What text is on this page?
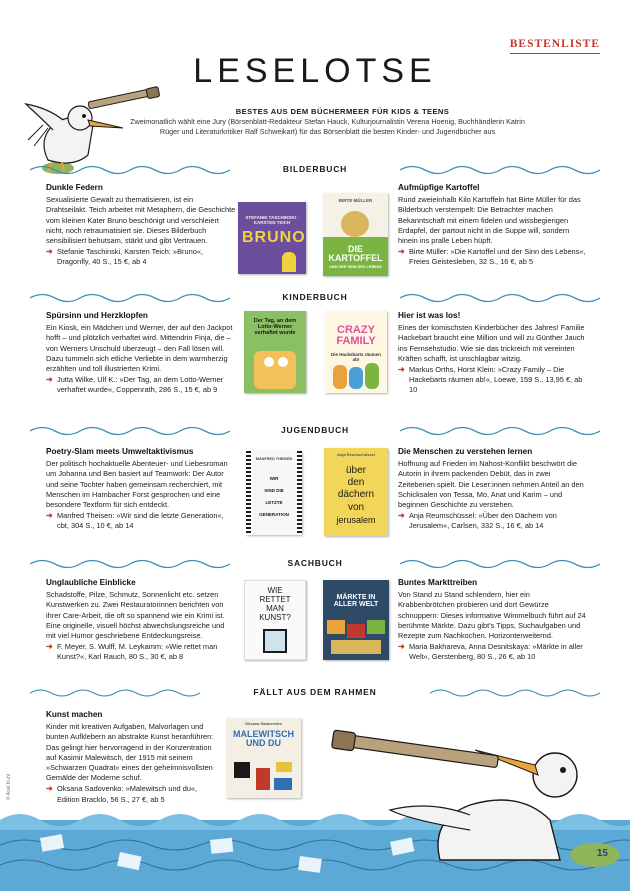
BESTENLISTE
LESELOTSE
BESTES AUS DEM BÜCHERMEER FÜR KIDS & TEENS
Zweimonatlich wählt eine Jury (Börsenblatt-Redakteur Stefan Hauck, Kulturjournalistin Verena Hoenig, Buchhändlerin Katrin Rüger und Literaturkritiker Ralf Schweikart) für das Börsenblatt die besten Kinder- und Jugendbücher aus
BILDERBUCH
Dunkle Federn

Sexualisierte Gewalt zu thematisieren, ist ein Drahtseilakt. Teich arbeitet mit Metaphern, die Geschichte vom kleinen Kater Bruno beschönigt und verschleiert nicht, noch retraumatisiert sie. Dieses Bilderbuch sensibilisiert behutsam, stärkt und gibt Vertrauen.

➜ Stefanie Taschinski, Karsten Teich: »Bruno«, Dragonfly, 40 S., 15 €, ab 4
STEFANIE TASCHINSKI · KARSTEN TEICH
BRUNO
BIRTE MÜLLER
DIE KARTOFFEL
UND DER SINN DES LEBENS
Aufmüpfige Kartoffel

Rund zweieinhalb Kilo Kartoffeln hat Birte Müller für das Bilderbuch verstempelt: Die Betrachter machen Bekanntschaft mit einem fidelen und wissbegierigen Erdapfel, der partout nicht in die Suppe will, sondern hinein ins pralle Leben hüpft.

➜ Birte Müller: »Die Kartoffel und der Sinn des Lebens«, Freies Geistesleben, 32 S., 16 €, ab 5
KINDERBUCH
Spürsinn und Herzklopfen

Ein Kiosk, ein Mädchen und Werner, der auf den Jackpot hofft – und plötzlich verhaftet wird. Mittendrin Finja, die – von Werners Unschuld überzeugt – den Fall lösen will. Dazu tummeln sich etliche Verliebte in dem warmherzig erzählten und toll illustrierten Krimi.

➜ Jutta Wilke, Ulf K.: »Der Tag, an dem Lotto-Werner verhaftet wurde«, Coppenrath, 286 S., 15 €, ab 9
Der Tag, an dem Lotto-Werner verhaftet wurde	CRAZY FAMILY
Die Hackebarts räumen ab!
Hier ist was los!

Eines der komischsten Kinderbücher des Jahres! Familie Hackebart braucht eine Million und will zu Günther Jauch ins Fernsehstudio. Wie sie das trickreich mit vereinten Kräften schafft, ist unschlagbar witzig.

➜ Markus Orths, Horst Klein: »Crazy Family – Die Hackebarts räumen ab!«, Loewe, 159 S., 13,95 €, ab 10
JUGENDBUCH
Poetry-Slam meets Umweltaktivismus

Der politisch hochaktuelle Abenteuer- und Liebesroman um Johanna und Ben basiert auf Teamwork: Der Autor und seine Tochter haben gemeinsam recherchiert, mit Menschen im Hambacher Forst gesprochen und eine besondere Textform für sich entdeckt.

➜ Manfred Theisen: »Wir sind die letzte Generation«, cbt, 304 S., 10 €, ab 14
MANFRED THEISEN
WIR
SIND DIE
LETZTE
GENERATION
Anja Reumschüssel
über
den
dächern
von
jerusalem
Die Menschen zu verstehen lernen

Hoffnung auf Frieden im Nahost-Konflikt beschwört die Autorin in ihrem packenden Debüt, das in zwei Zeitebenen spielt. Die Leser:innen nehmen Anteil an den Schicksalen von Tessa, Mo, Anat und Karim – und beginnen Geschichte zu verstehen.

➜ Anja Reumschüssel: »Über den Dächern von Jerusalem«, Carlsen, 332 S., 16 €, ab 14
SACHBUCH
Unglaubliche Einblicke

Schadstoffe, Pilze, Schmutz, Sonnenlicht etc. setzen Kunstwerken zu. Zwei Restauratorinnen berichten von ihrer Care-Arbeit, die oft so spannend wie ein Krimi ist. Eine originelle, visuell höchst abwechslungsreiche und mit viel Humor geschriebene Entdeckungsreise.

➜ F. Meyer, S. Wulff, M. Leykamm: »Wie rettet man Kunst?«, Karl Rauch, 80 S., 30 €, ab 8
WIE
RETTET
MAN
KUNST?
MÄRKTE IN ALLER WELT
Buntes Markttreiben

Von Stand zu Stand schlendern, hier ein Krabbenbrötchen probieren und dort Gewürze schnuppern: Dieses informative Wimmelbuch führt auf 24 berühmte Märkte. Dazu gibt's Tipps, Suchaufgaben und Rezepte zum Nachkochen. Horizonterweiternd.

➜ Maria Bakhareva, Anna Desnitskaya: »Märkte in aller Welt«, Gerstenberg, 80 S., 26 €, ab 10
FÄLLT AUS DEM RAHMEN
Kunst machen

Kinder mit kreativen Aufgaben, Malvorlagen und bunten Aufklebern an abstrakte Kunst heranführen: Das gelingt hier hervorragend in der Konzentration auf Kasimir Malewitsch, der 1915 mit seinem »Schwarzen Quadrat« eines der geheimnisvollsten Gemälde der Moderne schuf.

➜ Oksana Sadovenko: »Malewitsch und du«, Edition Bracklo, 56 S., 27 €, ab 5
Oksana Sadovenko
MALEWITSCH UND DU
© Axel Kuhl
15
